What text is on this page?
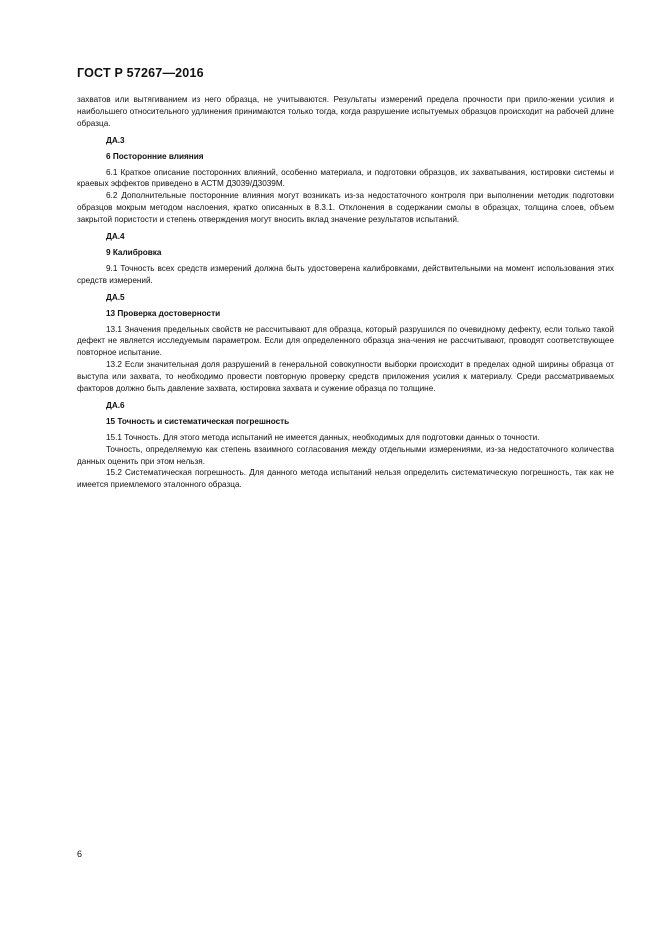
ГОСТ Р 57267—2016

захватов или вытягиванием из него образца, не учитываются. Результаты измерений предела прочности при прило-жении усилия и наибольшего относительного удлинения принимаются только тогда, когда разрушение испытуемых образцов происходит на рабочей длине образца.

ДА.3

6 Посторонние влияния

6.1 Краткое описание посторонних влияний, особенно материала, и подготовки образцов, их захватывания, юстировки системы и краевых эффектов приведено в АСТМ Д3039/Д3039М.

6.2 Дополнительные посторонние влияния могут возникать из-за недостаточного контроля при выполнении методик подготовки образцов мокрым методом наслоения, кратко описанных в 8.3.1. Отклонения в содержании смолы в образцах, толщина слоев, объем закрытой пористости и степень отверждения могут вносить вклад значение результатов испытаний.

ДА.4

9 Калибровка

9.1 Точность всех средств измерений должна быть удостоверена калибровками, действительными на момент использования этих средств измерений.

ДА.5

13 Проверка достоверности

13.1 Значения предельных свойств не рассчитывают для образца, который разрушился по очевидному дефекту, если только такой дефект не является исследуемым параметром. Если для определенного образца зна-чения не рассчитывают, проводят соответствующее повторное испытание.

13.2 Если значительная доля разрушений в генеральной совокупности выборки происходит в пределах одной ширины образца от выступа или захвата, то необходимо провести повторную проверку средств приложения усилия к материалу. Среди рассматриваемых факторов должно быть давление захвата, юстировка захвата и сужение образца по толщине.

ДА.6

15 Точность и систематическая погрешность

15.1 Точность. Для этого метода испытаний не имеется данных, необходимых для подготовки данных о точности.

Точность, определяемую как степень взаимного согласования между отдельными измерениями, из-за недостаточного количества данных оценить при этом нельзя.

15.2 Систематическая погрешность. Для данного метода испытаний нельзя определить систематическую погрешность, так как не имеется приемлемого эталонного образца.

6
